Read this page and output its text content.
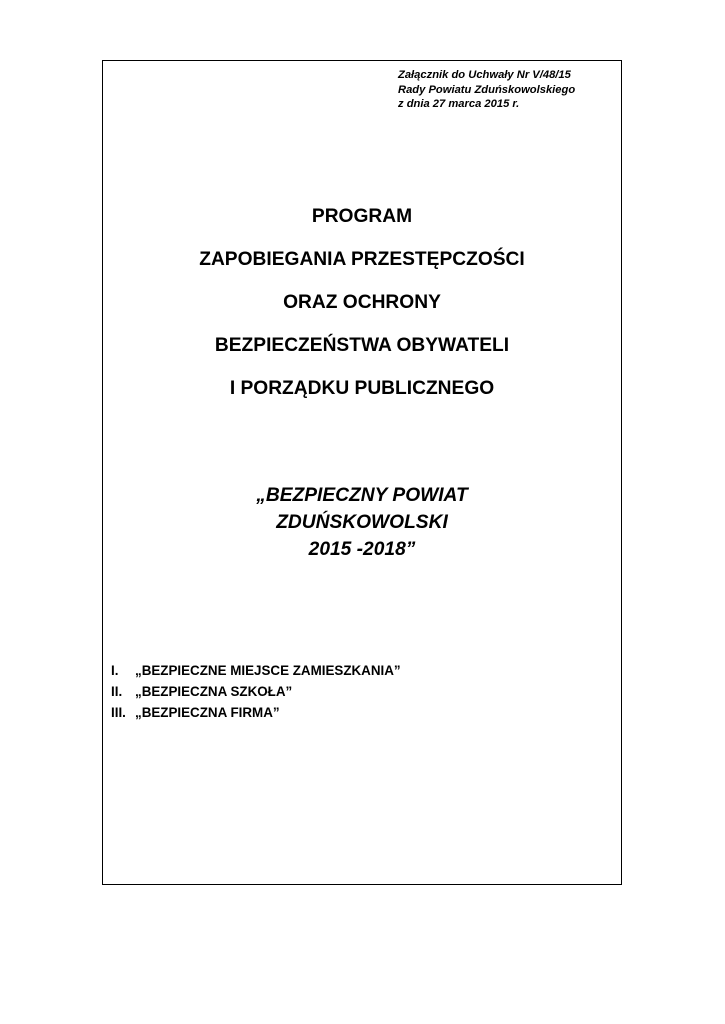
Załącznik do Uchwały Nr V/48/15
Rady Powiatu Zduńskowolskiego
z dnia 27 marca 2015 r.
PROGRAM
ZAPOBIEGANIA PRZESTĘPCZOŚCI
ORAZ OCHRONY
BEZPIECZEŃSTWA OBYWATELI
I PORZĄDKU PUBLICZNEGO
„BEZPIECZNY POWIAT
ZDUŃSKOWOLSKI
2015 -2018”
I. „BEZPIECZNE MIEJSCE ZAMIESZKANIA”
II. „BEZPIECZNA SZKOŁA”
III. „BEZPIECZNA FIRMA”
